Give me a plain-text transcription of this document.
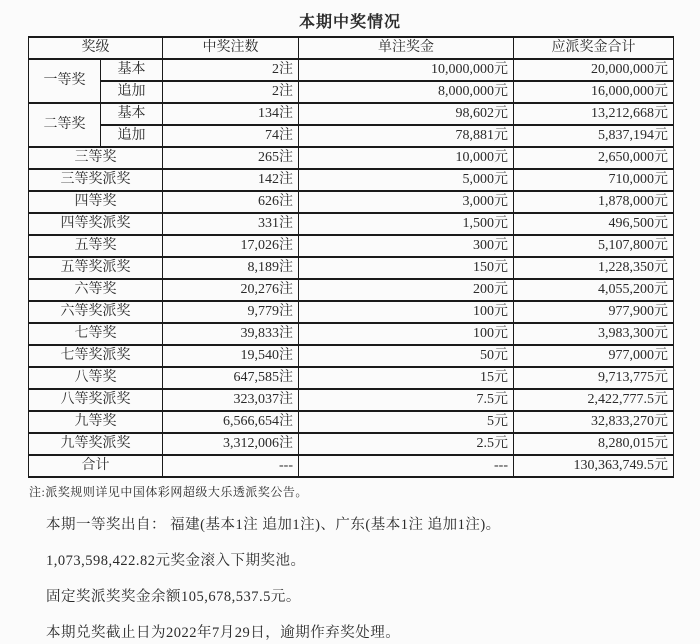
本期中奖情况
奖级		中奖注数	单注奖金	应派奖金合计
一等奖	基本	2注	10,000,000元	20,000,000元
	追加	2注	8,000,000元	16,000,000元
二等奖	基本	134注	98,602元	13,212,668元
	追加	74注	78,881元	5,837,194元
三等奖		265注	10,000元	2,650,000元
三等奖派奖		142注	5,000元	710,000元
四等奖		626注	3,000元	1,878,000元
四等奖派奖		331注	1,500元	496,500元
五等奖		17,026注	300元	5,107,800元
五等奖派奖		8,189注	150元	1,228,350元
六等奖		20,276注	200元	4,055,200元
六等奖派奖		9,779注	100元	977,900元
七等奖		39,833注	100元	3,983,300元
七等奖派奖		19,540注	50元	977,000元
八等奖		647,585注	15元	9,713,775元
八等奖派奖		323,037注	7.5元	2,422,777.5元
九等奖		6,566,654注	5元	32,833,270元
九等奖派奖		3,312,006注	2.5元	8,280,015元
合计		---	---	130,363,749.5元
注:派奖规则详见中国体彩网超级大乐透派奖公告。

本期一等奖出自： 福建(基本1注 追加1注)、广东(基本1注 追加1注)。

1,073,598,422.82元奖金滚入下期奖池。

固定奖派奖奖金余额105,678,537.5元。

本期兑奖截止日为2022年7月29日，逾期作弃奖处理。
